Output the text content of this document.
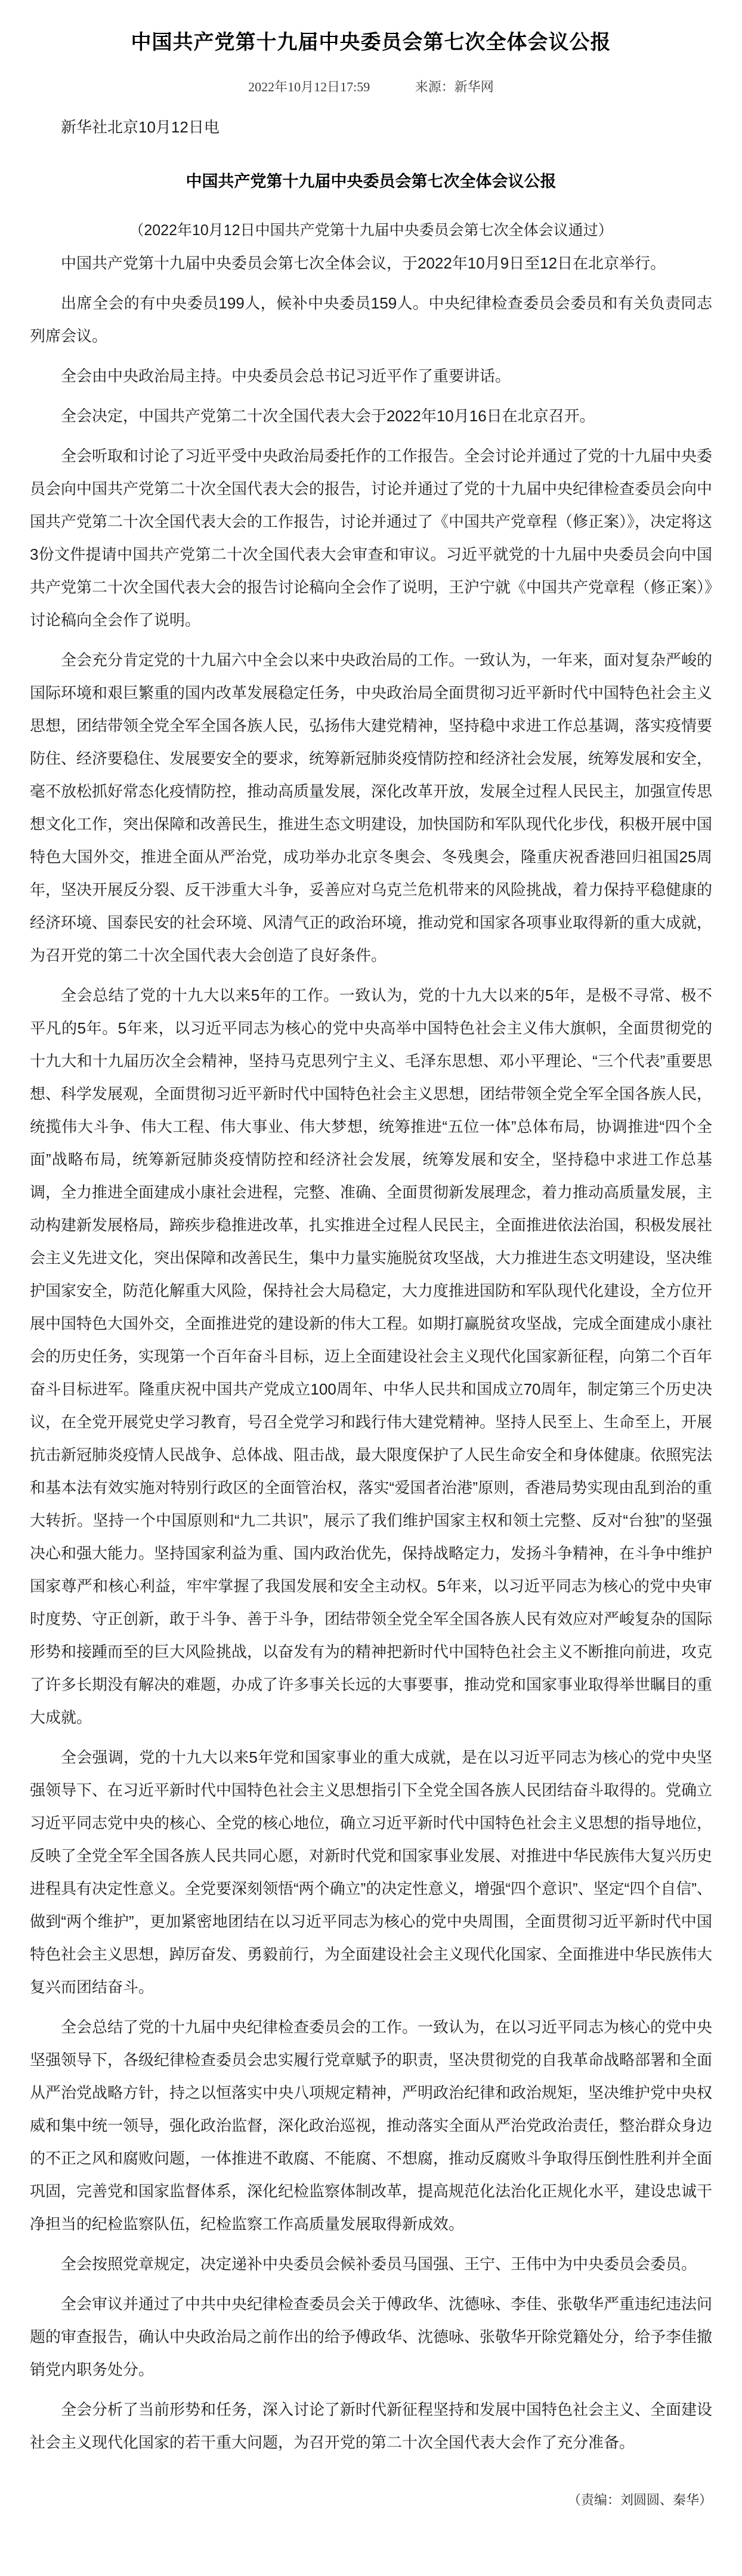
中国共产党第十九届中央委员会第七次全体会议公报
2022年10月12日17:59	来源：新华网

新华社北京10月12日电

中国共产党第十九届中央委员会第七次全体会议公报

（2022年10月12日中国共产党第十九届中央委员会第七次全体会议通过）

中国共产党第十九届中央委员会第七次全体会议，于2022年10月9日至12日在北京举行。

出席全会的有中央委员199人，候补中央委员159人。中央纪律检查委员会委员和有关负责同志列席会议。

全会由中央政治局主持。中央委员会总书记习近平作了重要讲话。

全会决定，中国共产党第二十次全国代表大会于2022年10月16日在北京召开。

全会听取和讨论了习近平受中央政治局委托作的工作报告。全会讨论并通过了党的十九届中央委员会向中国共产党第二十次全国代表大会的报告，讨论并通过了党的十九届中央纪律检查委员会向中国共产党第二十次全国代表大会的工作报告，讨论并通过了《中国共产党章程（修正案）》，决定将这3份文件提请中国共产党第二十次全国代表大会审查和审议。习近平就党的十九届中央委员会向中国共产党第二十次全国代表大会的报告讨论稿向全会作了说明，王沪宁就《中国共产党章程（修正案）》讨论稿向全会作了说明。

全会充分肯定党的十九届六中全会以来中央政治局的工作。一致认为，一年来，面对复杂严峻的国际环境和艰巨繁重的国内改革发展稳定任务，中央政治局全面贯彻习近平新时代中国特色社会主义思想，团结带领全党全军全国各族人民，弘扬伟大建党精神，坚持稳中求进工作总基调，落实疫情要防住、经济要稳住、发展要安全的要求，统筹新冠肺炎疫情防控和经济社会发展，统筹发展和安全，毫不放松抓好常态化疫情防控，推动高质量发展，深化改革开放，发展全过程人民民主，加强宣传思想文化工作，突出保障和改善民生，推进生态文明建设，加快国防和军队现代化步伐，积极开展中国特色大国外交，推进全面从严治党，成功举办北京冬奥会、冬残奥会，隆重庆祝香港回归祖国25周年，坚决开展反分裂、反干涉重大斗争，妥善应对乌克兰危机带来的风险挑战，着力保持平稳健康的经济环境、国泰民安的社会环境、风清气正的政治环境，推动党和国家各项事业取得新的重大成就，为召开党的第二十次全国代表大会创造了良好条件。

全会总结了党的十九大以来5年的工作。一致认为，党的十九大以来的5年，是极不寻常、极不平凡的5年。5年来，以习近平同志为核心的党中央高举中国特色社会主义伟大旗帜，全面贯彻党的十九大和十九届历次全会精神，坚持马克思列宁主义、毛泽东思想、邓小平理论、“三个代表”重要思想、科学发展观，全面贯彻习近平新时代中国特色社会主义思想，团结带领全党全军全国各族人民，统揽伟大斗争、伟大工程、伟大事业、伟大梦想，统筹推进“五位一体”总体布局，协调推进“四个全面”战略布局，统筹新冠肺炎疫情防控和经济社会发展，统筹发展和安全，坚持稳中求进工作总基调，全力推进全面建成小康社会进程，完整、准确、全面贯彻新发展理念，着力推动高质量发展，主动构建新发展格局，蹄疾步稳推进改革，扎实推进全过程人民民主，全面推进依法治国，积极发展社会主义先进文化，突出保障和改善民生，集中力量实施脱贫攻坚战，大力推进生态文明建设，坚决维护国家安全，防范化解重大风险，保持社会大局稳定，大力度推进国防和军队现代化建设，全方位开展中国特色大国外交，全面推进党的建设新的伟大工程。如期打赢脱贫攻坚战，完成全面建成小康社会的历史任务，实现第一个百年奋斗目标，迈上全面建设社会主义现代化国家新征程，向第二个百年奋斗目标进军。隆重庆祝中国共产党成立100周年、中华人民共和国成立70周年，制定第三个历史决议，在全党开展党史学习教育，号召全党学习和践行伟大建党精神。坚持人民至上、生命至上，开展抗击新冠肺炎疫情人民战争、总体战、阻击战，最大限度保护了人民生命安全和身体健康。依照宪法和基本法有效实施对特别行政区的全面管治权，落实“爱国者治港”原则，香港局势实现由乱到治的重大转折。坚持一个中国原则和“九二共识”，展示了我们维护国家主权和领土完整、反对“台独”的坚强决心和强大能力。坚持国家利益为重、国内政治优先，保持战略定力，发扬斗争精神，在斗争中维护国家尊严和核心利益，牢牢掌握了我国发展和安全主动权。5年来，以习近平同志为核心的党中央审时度势、守正创新，敢于斗争、善于斗争，团结带领全党全军全国各族人民有效应对严峻复杂的国际形势和接踵而至的巨大风险挑战，以奋发有为的精神把新时代中国特色社会主义不断推向前进，攻克了许多长期没有解决的难题，办成了许多事关长远的大事要事，推动党和国家事业取得举世瞩目的重大成就。

全会强调，党的十九大以来5年党和国家事业的重大成就，是在以习近平同志为核心的党中央坚强领导下、在习近平新时代中国特色社会主义思想指引下全党全国各族人民团结奋斗取得的。党确立习近平同志党中央的核心、全党的核心地位，确立习近平新时代中国特色社会主义思想的指导地位，反映了全党全军全国各族人民共同心愿，对新时代党和国家事业发展、对推进中华民族伟大复兴历史进程具有决定性意义。全党要深刻领悟“两个确立”的决定性意义，增强“四个意识”、坚定“四个自信”、做到“两个维护”，更加紧密地团结在以习近平同志为核心的党中央周围，全面贯彻习近平新时代中国特色社会主义思想，踔厉奋发、勇毅前行，为全面建设社会主义现代化国家、全面推进中华民族伟大复兴而团结奋斗。

全会总结了党的十九届中央纪律检查委员会的工作。一致认为，在以习近平同志为核心的党中央坚强领导下，各级纪律检查委员会忠实履行党章赋予的职责，坚决贯彻党的自我革命战略部署和全面从严治党战略方针，持之以恒落实中央八项规定精神，严明政治纪律和政治规矩，坚决维护党中央权威和集中统一领导，强化政治监督，深化政治巡视，推动落实全面从严治党政治责任，整治群众身边的不正之风和腐败问题，一体推进不敢腐、不能腐、不想腐，推动反腐败斗争取得压倒性胜利并全面巩固，完善党和国家监督体系，深化纪检监察体制改革，提高规范化法治化正规化水平，建设忠诚干净担当的纪检监察队伍，纪检监察工作高质量发展取得新成效。

全会按照党章规定，决定递补中央委员会候补委员马国强、王宁、王伟中为中央委员会委员。

全会审议并通过了中共中央纪律检查委员会关于傅政华、沈德咏、李佳、张敬华严重违纪违法问题的审查报告，确认中央政治局之前作出的给予傅政华、沈德咏、张敬华开除党籍处分，给予李佳撤销党内职务处分。

全会分析了当前形势和任务，深入讨论了新时代新征程坚持和发展中国特色社会主义、全面建设社会主义现代化国家的若干重大问题，为召开党的第二十次全国代表大会作了充分准备。

（责编：刘圆圆、秦华）
